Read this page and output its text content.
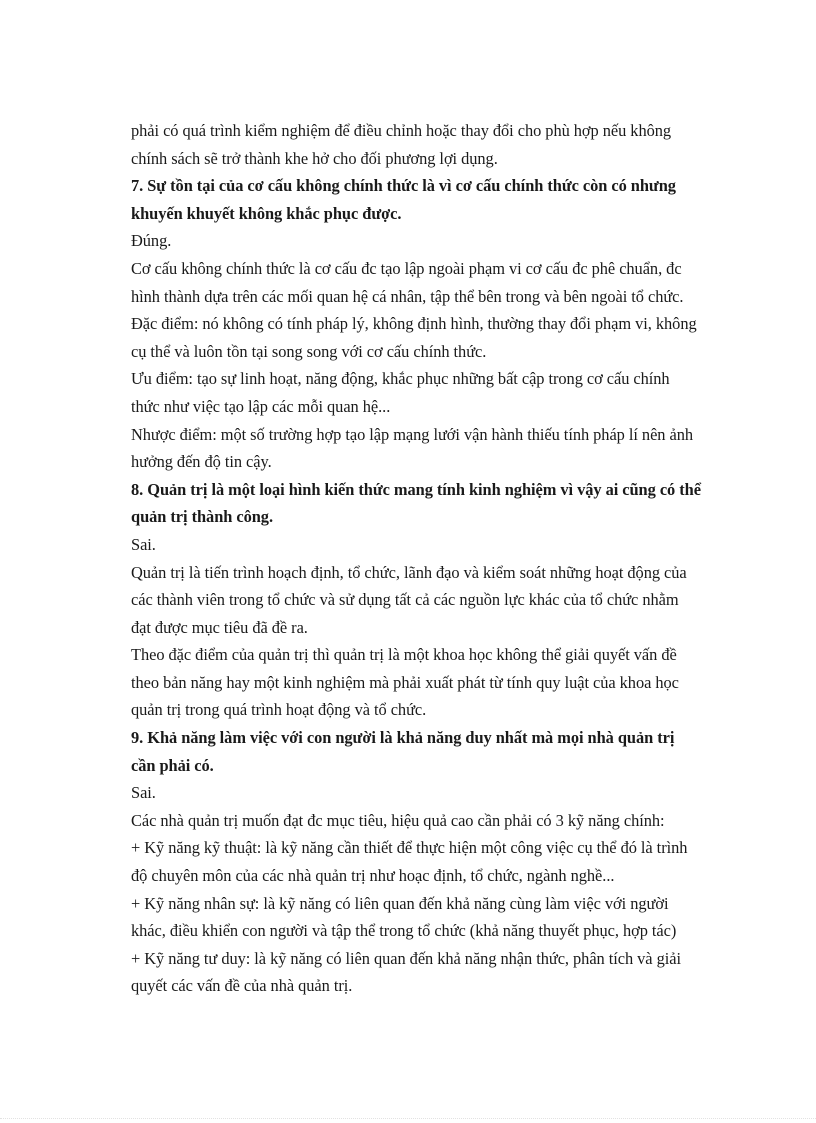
phải có quá trình kiểm nghiệm để điều chỉnh hoặc thay đổi cho phù hợp nếu không
chính sách sẽ trở thành khe hở cho đối phương lợi dụng.
7. Sự tồn tại của cơ cấu không chính thức là vì cơ cấu chính thức còn có nhưng
khuyến khuyết không khắc phục được.
Đúng.
Cơ cấu không chính thức là cơ cấu đc tạo lập ngoài phạm vi cơ cấu đc phê chuẩn, đc
hình thành dựa trên các mối quan hệ cá nhân, tập thể bên trong và bên ngoài tổ chức.
Đặc điểm: nó không có tính pháp lý, không định hình, thường thay đổi phạm vi, không
cụ thể và luôn tồn tại song song với cơ cấu chính thức.
Ưu điểm: tạo sự linh hoạt, năng động, khắc phục những bất cập trong cơ cấu chính
thức như việc tạo lập các mỗi quan hệ...
Nhược điểm: một số trường hợp tạo lập mạng lưới vận hành thiếu tính pháp lí nên ảnh
hưởng đến độ tin cậy.
8. Quản trị là một loại hình kiến thức mang tính kinh nghiệm vì vậy ai cũng có thể
quản trị thành công.
Sai.
Quản trị là tiến trình hoạch định, tổ chức, lãnh đạo và kiểm soát những hoạt động của
các thành viên trong tổ chức và sử dụng tất cả các nguồn lực khác của tổ chức nhằm
đạt được mục tiêu đã đề ra.
Theo đặc điểm của quản trị thì quản trị là một khoa học không thể giải quyết vấn đề
theo bản năng hay một kinh nghiệm mà phải xuất phát từ tính quy luật của khoa học
quản trị trong quá trình hoạt động và tổ chức.
9. Khả năng làm việc với con người là khả năng duy nhất mà mọi nhà quản trị
cần phải có.
Sai.
Các nhà quản trị muốn đạt đc mục tiêu, hiệu quả cao cần phải có 3 kỹ năng chính:
+ Kỹ năng kỹ thuật: là kỹ năng cần thiết để thực hiện một công việc cụ thể đó là trình
độ chuyên môn của các nhà quản trị như hoạc định, tổ chức, ngành nghề...
+ Kỹ năng nhân sự: là kỹ năng có liên quan đến khả năng cùng làm việc với người
khác, điều khiển con người và tập thể trong tổ chức (khả năng thuyết phục, hợp tác)
+ Kỹ năng tư duy: là kỹ năng có liên quan đến khả năng nhận thức, phân tích và giải
quyết các vấn đề của nhà quản trị.
